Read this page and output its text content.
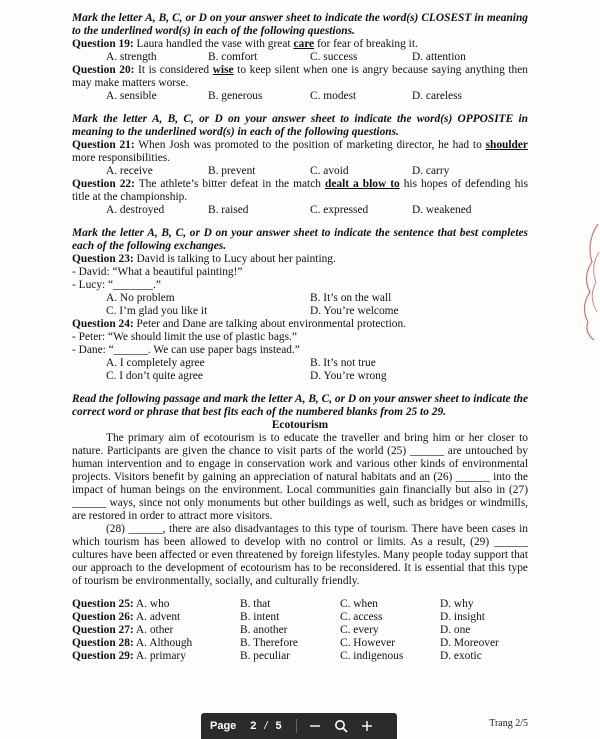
Mark the letter A, B, C, or D on your answer sheet to indicate the word(s) CLOSEST in meaning to the underlined word(s) in each of the following questions.
Question 19: Laura handled the vase with great care for fear of breaking it.
A. strength	B. comfort	C. success	D. attention
Question 20: It is considered wise to keep silent when one is angry because saying anything then may make matters worse.
A. sensible	B. generous	C. modest	D. careless
Mark the letter A, B, C, or D on your answer sheet to indicate the word(s) OPPOSITE in meaning to the underlined word(s) in each of the following questions.
Question 21: When Josh was promoted to the position of marketing director, he had to shoulder more responsibilities.
A. receive	B. prevent	C. avoid	D. carry
Question 22: The athlete’s bitter defeat in the match dealt a blow to his hopes of defending his title at the championship.
A. destroyed	B. raised	C. expressed	D. weakened
Mark the letter A, B, C, or D on your answer sheet to indicate the sentence that best completes each of the following exchanges.
Question 23: David is talking to Lucy about her painting.
- David: “What a beautiful painting!”
- Lucy: “_______.”
A. No problem	B. It’s on the wall
C. I’m glad you like it	D. You’re welcome
Question 24: Peter and Dane are talking about environmental protection.
- Peter: “We should limit the use of plastic bags.”
- Dane: “______. We can use paper bags instead.”
A. I completely agree	B. It’s not true
C. I don’t quite agree	D. You’re wrong
Read the following passage and mark the letter A, B, C, or D on your answer sheet to indicate the correct word or phrase that best fits each of the numbered blanks from 25 to 29.
Ecotourism
The primary aim of ecotourism is to educate the traveller and bring him or her closer to nature. Participants are given the chance to visit parts of the world (25) ______ are untouched by human intervention and to engage in conservation work and various other kinds of environmental projects. Visitors benefit by gaining an appreciation of natural habitats and an (26) ______ into the impact of human beings on the environment. Local communities gain financially but also in (27) ______ ways, since not only monuments but other buildings as well, such as bridges or windmills, are restored in order to attract more visitors.
(28) ______, there are also disadvantages to this type of tourism. There have been cases in which tourism has been allowed to develop with no control or limits. As a result, (29) ______ cultures have been affected or even threatened by foreign lifestyles. Many people today support that our approach to the development of ecotourism has to be reconsidered. It is essential that this type of tourism be environmentally, socially, and culturally friendly.
Question 25: A. who	B. that	C. when	D. why
Question 26: A. advent	B. intent	C. access	D. insight
Question 27: A. other	B. another	C. every	D. one
Question 28: A. Although	B. Therefore	C. However	D. Moreover
Question 29: A. primary	B. peculiar	C. indigenous	D. exotic
Trang 2/5
Page 2 / 5
